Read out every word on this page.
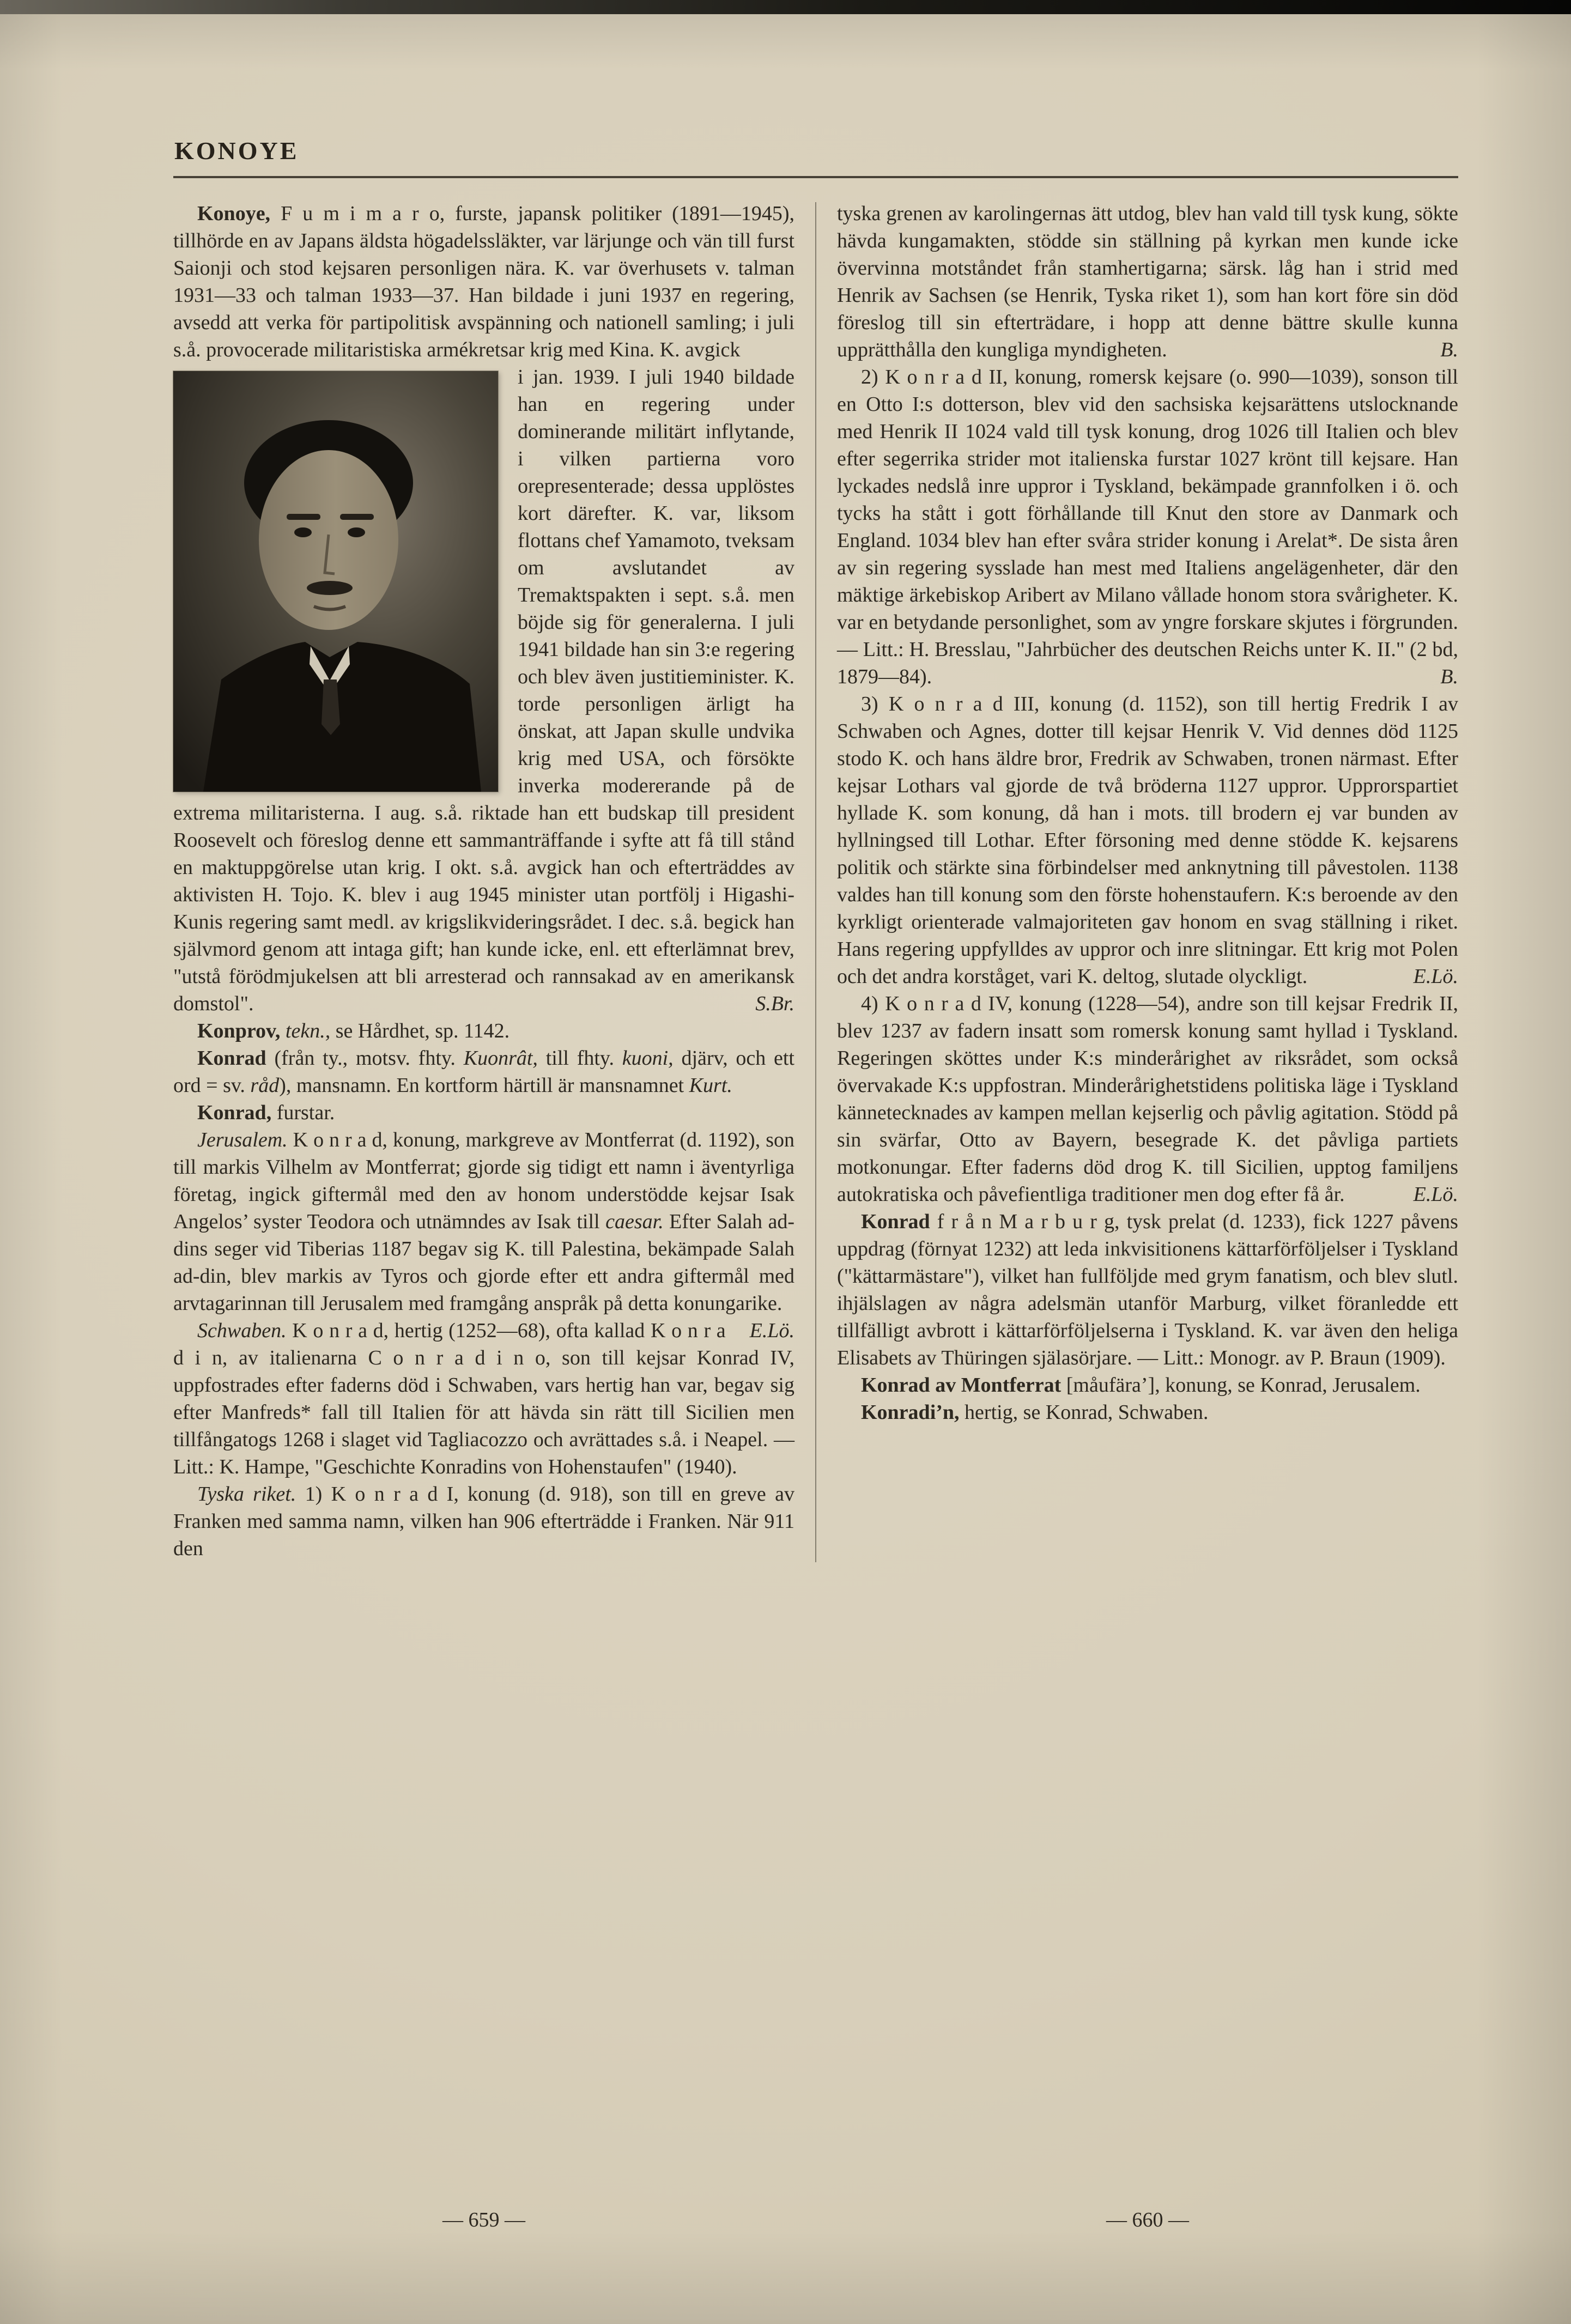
KONOYE

Konoye, F u m i m a r o, furste, japansk politiker (1891—1945), tillhörde en av Japans äldsta högadelssläkter, var lärjunge och vän till furst Saionji och stod kejsaren personligen nära. K. var överhusets v. talman 1931—33 och talman 1933—37. Han bildade i juni 1937 en regering, avsedd att verka för partipolitisk avspänning och nationell samling; i juli s.å. provocerade militaristiska armékretsar krig med Kina. K. avgick

i jan. 1939. I juli 1940 bildade han en regering under dominerande militärt inflytande, i vilken partierna voro orepresenterade; dessa upplöstes kort därefter. K. var, liksom flottans chef Yamamoto, tveksam om avslutandet av Tremaktspakten i sept. s.å. men böjde sig för generalerna. I juli 1941 bildade han sin 3:e regering och blev även justitieminister. K. torde personligen ärligt ha önskat, att Japan skulle undvika krig med USA, och försökte inverka modererande på de extrema militaristerna. I aug. s.å. riktade han ett budskap till president Roosevelt och föreslog denne ett sammanträffande i syfte att få till stånd en maktuppgörelse utan krig. I okt. s.å. avgick han och efterträddes av aktivisten H. Tojo. K. blev i aug 1945 minister utan portfölj i Higashi-Kunis regering samt medl. av krigslikvideringsrådet. I dec. s.å. begick han självmord genom att intaga gift; han kunde icke, enl. ett efterlämnat brev, "utstå förödmjukelsen att bli arresterad och rannsakad av en amerikansk domstol".	S.Br.

Konprov, tekn., se Hårdhet, sp. 1142.

Konrad (från ty., motsv. fhty. Kuonrât, till fhty. kuoni, djärv, och ett ord = sv. råd), mansnamn. En kortform härtill är mansnamnet Kurt.

Konrad, furstar.

Jerusalem. K o n r a d, konung, markgreve av Montferrat (d. 1192), son till markis Vilhelm av Montferrat; gjorde sig tidigt ett namn i äventyrliga företag, ingick giftermål med den av honom understödde kejsar Isak Angelos’ syster Teodora och utnämndes av Isak till caesar. Efter Salah ad-dins seger vid Tiberias 1187 begav sig K. till Palestina, bekämpade Salah ad-din, blev markis av Tyros och gjorde efter ett andra giftermål med arvtagarinnan till Jerusalem med framgång anspråk på detta konungarike.
E.Lö.

Schwaben. K o n r a d, hertig (1252—68), ofta kallad K o n r a d i n, av italienarna C o n r a d i n o, son till kejsar Konrad IV, uppfostrades efter faderns död i Schwaben, vars hertig han var, begav sig efter Manfreds* fall till Italien för att hävda sin rätt till Sicilien men tillfångatogs 1268 i slaget vid Tagliacozzo och avrättades s.å. i Neapel. — Litt.: K. Hampe, "Geschichte Konradins von Hohenstaufen" (1940).

Tyska riket. 1) K o n r a d I, konung (d. 918), son till en greve av Franken med samma namn, vilken han 906 efterträdde i Franken. När 911 den

tyska grenen av karolingernas ätt utdog, blev han vald till tysk kung, sökte hävda kungamakten, stödde sin ställning på kyrkan men kunde icke övervinna motståndet från stamhertigarna; särsk. låg han i strid med Henrik av Sachsen (se Henrik, Tyska riket 1), som han kort före sin död föreslog till sin efterträdare, i hopp att denne bättre skulle kunna upprätthålla den kungliga myndigheten.	B.

2) K o n r a d II, konung, romersk kejsare (o. 990—1039), sonson till en Otto I:s dotterson, blev vid den sachsiska kejsarättens utslocknande med Henrik II 1024 vald till tysk konung, drog 1026 till Italien och blev efter segerrika strider mot italienska furstar 1027 krönt till kejsare. Han lyckades nedslå inre uppror i Tyskland, bekämpade grannfolken i ö. och tycks ha stått i gott förhållande till Knut den store av Danmark och England. 1034 blev han efter svåra strider konung i Arelat*. De sista åren av sin regering sysslade han mest med Italiens angelägenheter, där den mäktige ärkebiskop Aribert av Milano vållade honom stora svårigheter. K. var en betydande personlighet, som av yngre forskare skjutes i förgrunden. — Litt.: H. Bresslau, "Jahrbücher des deutschen Reichs unter K. II." (2 bd, 1879—84).	B.

3) K o n r a d III, konung (d. 1152), son till hertig Fredrik I av Schwaben och Agnes, dotter till kejsar Henrik V. Vid dennes död 1125 stodo K. och hans äldre bror, Fredrik av Schwaben, tronen närmast. Efter kejsar Lothars val gjorde de två bröderna 1127 uppror. Upprorspartiet hyllade K. som konung, då han i mots. till brodern ej var bunden av hyllningsed till Lothar. Efter försoning med denne stödde K. kejsarens politik och stärkte sina förbindelser med anknytning till påvestolen. 1138 valdes han till konung som den förste hohenstaufern. K:s beroende av den kyrkligt orienterade valmajoriteten gav honom en svag ställning i riket. Hans regering uppfylldes av uppror och inre slitningar. Ett krig mot Polen och det andra korståget, vari K. deltog, slutade olyckligt.	E.Lö.

4) K o n r a d IV, konung (1228—54), andre son till kejsar Fredrik II, blev 1237 av fadern insatt som romersk konung samt hyllad i Tyskland. Regeringen sköttes under K:s minderårighet av riksrådet, som också övervakade K:s uppfostran. Minderårighetstidens politiska läge i Tyskland kännetecknades av kampen mellan kejserlig och påvlig agitation. Stödd på sin svärfar, Otto av Bayern, besegrade K. det påvliga partiets motkonungar. Efter faderns död drog K. till Sicilien, upptog familjens autokratiska och påvefientliga traditioner men dog efter få år.	E.Lö.

Konrad f r å n M a r b u r g, tysk prelat (d. 1233), fick 1227 påvens uppdrag (förnyat 1232) att leda inkvisitionens kättarförföljelser i Tyskland ("kättarmästare"), vilket han fullföljde med grym fanatism, och blev slutl. ihjälslagen av några adelsmän utanför Marburg, vilket föranledde ett tillfälligt avbrott i kättarförföljelserna i Tyskland. K. var även den heliga Elisabets av Thüringen själasörjare. — Litt.: Monogr. av P. Braun (1909).

Konrad av Montferrat [måufära’], konung, se Konrad, Jerusalem.

Konradi’n, hertig, se Konrad, Schwaben.

— 659 —	— 660 —
